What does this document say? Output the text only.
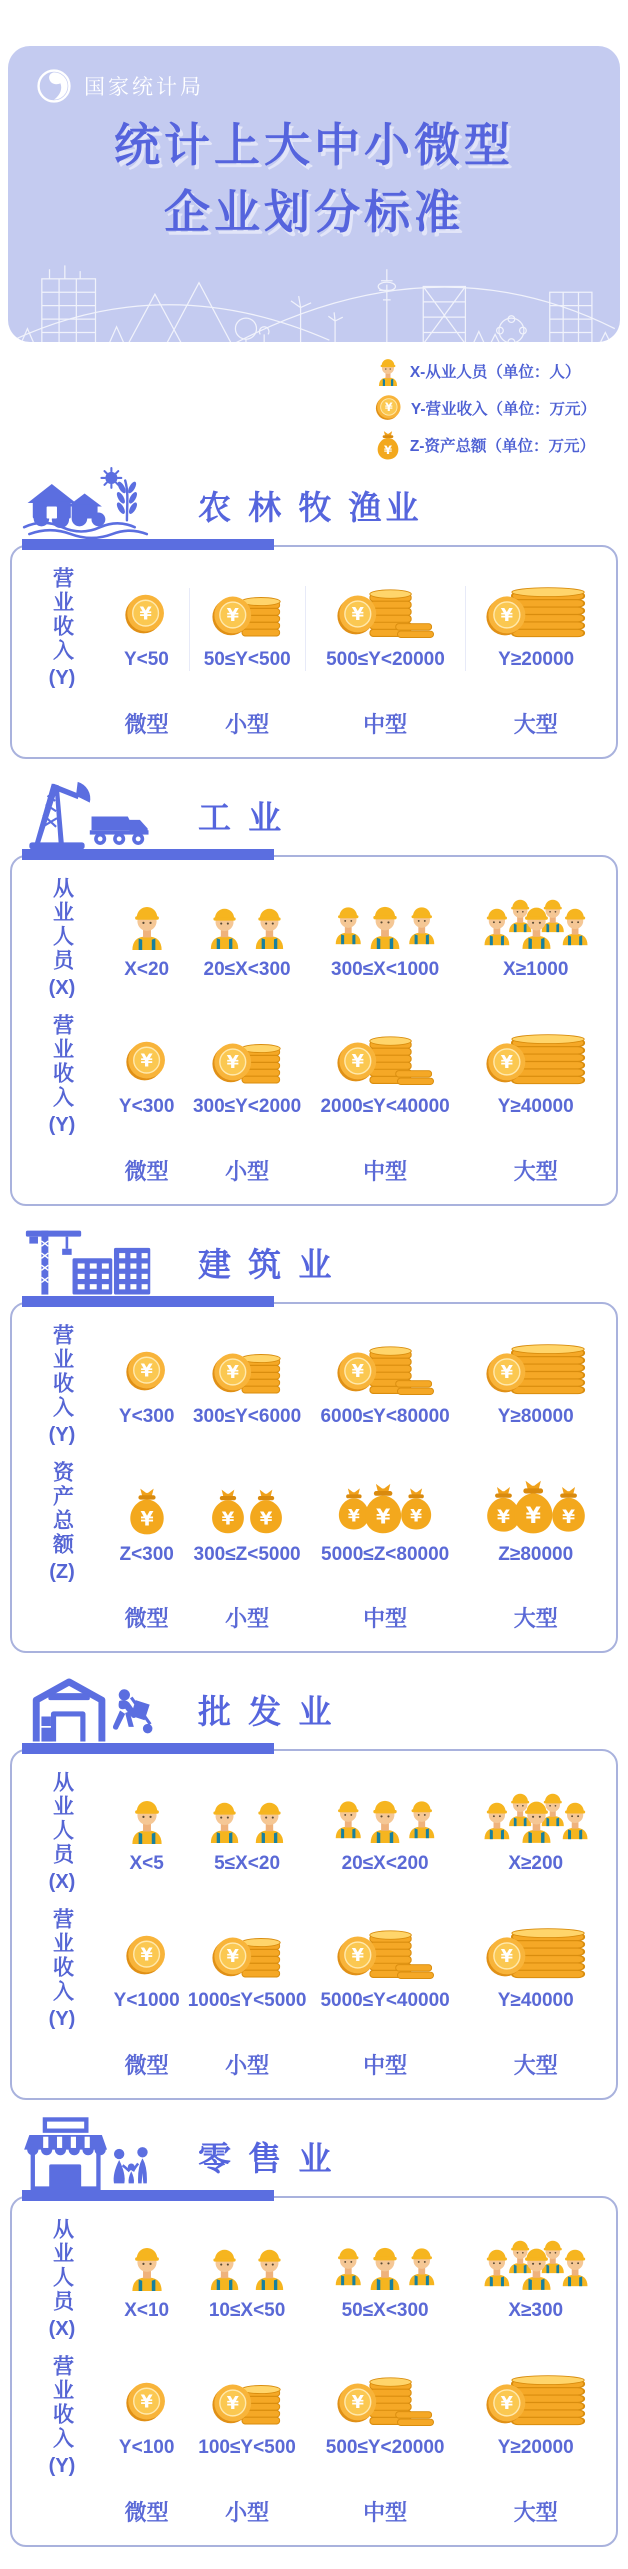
国家统计局
统计上大中小微型
企业划分标准
X-从业人员（单位：人）
Y-营业收入（单位：万元）
Z-资产总额（单位：万元）
农 林 牧 渔业
营业收入
(Y)
Y<50 50≤Y<500 500≤Y<20000	Y≥20000
微型	小型	中型	大型
工 业
从业人员
(X)
X<20 20≤X<300 300≤X<1000	X≥1000
营业收入
(Y)
Y<300 300≤Y<2000 2000≤Y<40000	Y≥40000
微型	小型	中型	大型
建 筑 业
营业收入
(Y)
Y<300 300≤Y<6000 6000≤Y<80000	Y≥80000
资产总额
(Z)
Z<300 300≤Z<5000 5000≤Z<80000	Z≥80000
微型	小型	中型	大型
批 发 业
从业人员
(X)
X<5	5≤X<20	20≤X<200	X≥200
营业收入
(Y)
Y<1000 1000≤Y<5000 5000≤Y<40000	Y≥40000
微型	小型	中型	大型
零 售 业
从业人员
(X)
X<10 10≤X<50	50≤X<300	X≥300
营业收入
(Y)
Y<100 100≤Y<500 500≤Y<20000	Y≥20000
微型	小型	中型	大型
